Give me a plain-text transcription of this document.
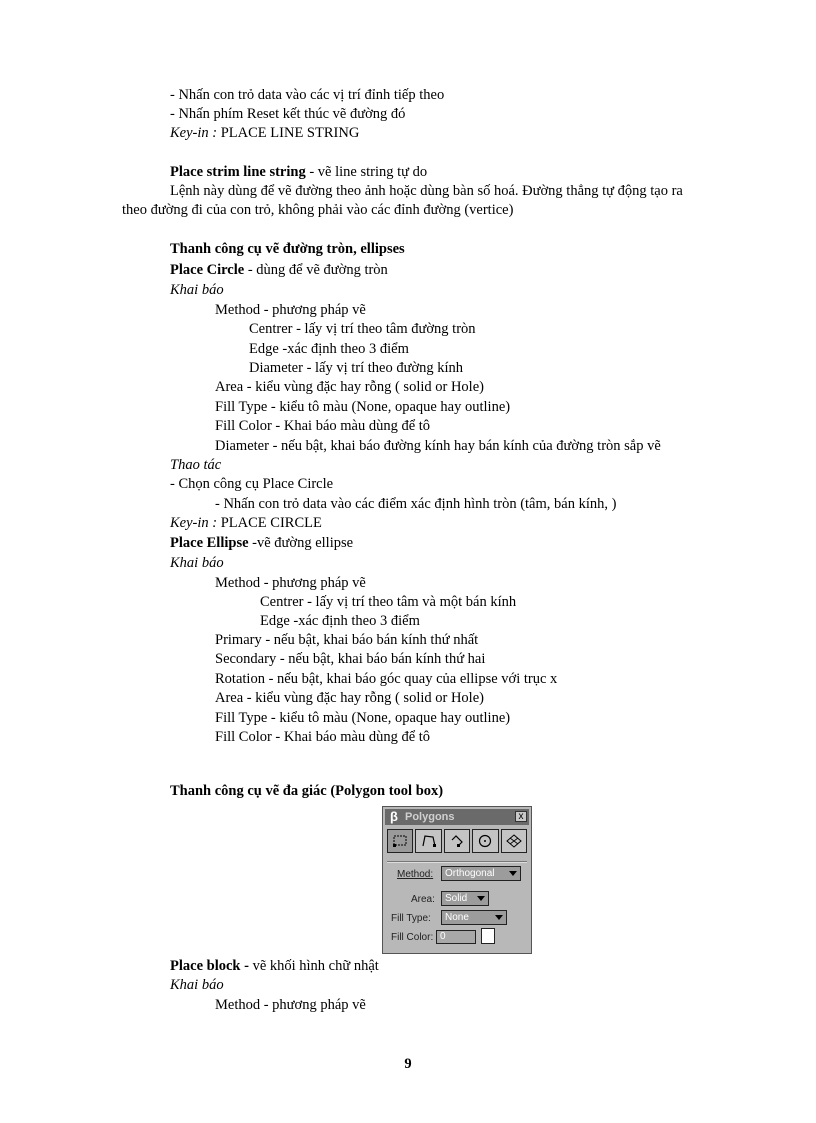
- Nhấn con trỏ data vào các vị trí đỉnh tiếp theo
- Nhấn phím Reset kết thúc vẽ đường đó
Key-in : PLACE LINE STRING
Place strim line string - vẽ line string tự do
Lệnh này dùng để vẽ đường theo ảnh hoặc dùng bàn số hoá. Đường thẳng tự động tạo ra
theo đường đi của con trỏ, không phải vào các đỉnh đường (vertice)
Thanh công cụ vẽ đường tròn, ellipses
Place Circle - dùng để vẽ đường tròn
Khai báo
Method - phương pháp vẽ
Centrer - lấy vị trí theo tâm đường tròn
Edge -xác định theo 3 điểm
Diameter - lấy vị trí theo đường kính
Area - kiểu vùng đặc hay rỗng ( solid or Hole)
Fill Type - kiểu tô màu (None, opaque hay outline)
Fill Color - Khai báo màu dùng để tô
Diameter - nếu bật, khai báo đường kính hay bán kính của đường tròn sắp vẽ
Thao tác
- Chọn công cụ Place Circle
- Nhấn con trỏ data vào các điểm xác định hình tròn (tâm, bán kính, )
Key-in : PLACE CIRCLE
Place Ellipse -vẽ đường ellipse
Khai báo
Method - phương pháp vẽ
Centrer - lấy vị trí theo tâm và một bán kính
Edge -xác định theo 3 điểm
Primary - nếu bật, khai báo bán kính thứ nhất
Secondary - nếu bật, khai báo bán kính thứ hai
Rotation - nếu bật, khai báo góc quay của ellipse với trục x
Area - kiểu vùng đặc hay rỗng ( solid or Hole)
Fill Type - kiểu tô màu (None, opaque hay outline)
Fill Color - Khai báo màu dùng để tô
Thanh công cụ vẽ đa giác (Polygon tool box)
β Polygons	x
Method:	Orthogonal
Area:	Solid
Fill Type:	None
Fill Color: 0
Place block - vẽ khối hình chữ nhật
Khai báo
Method - phương pháp vẽ
9
